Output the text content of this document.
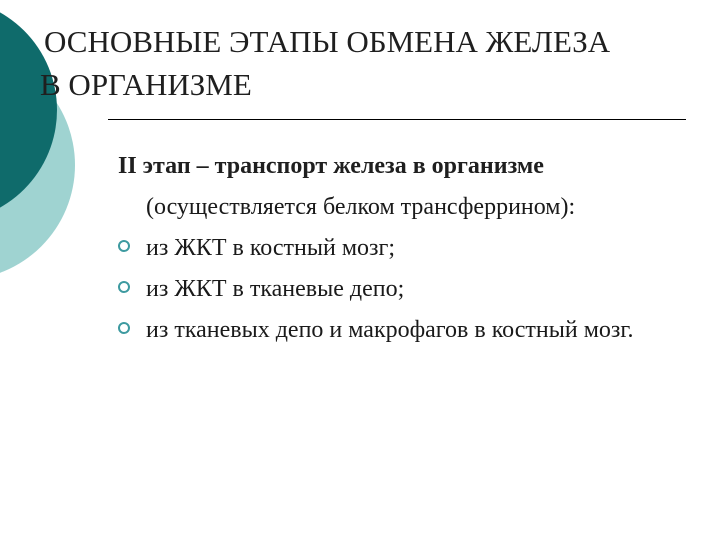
ОСНОВНЫЕ ЭТАПЫ ОБМЕНА ЖЕЛЕЗА
В ОРГАНИЗМЕ

II этап – транспорт железа в организме
(осуществляется белком трансферрином):

из ЖКТ в костный мозг;
из ЖКТ в тканевые депо;
из тканевых депо и макрофагов в костный мозг.
